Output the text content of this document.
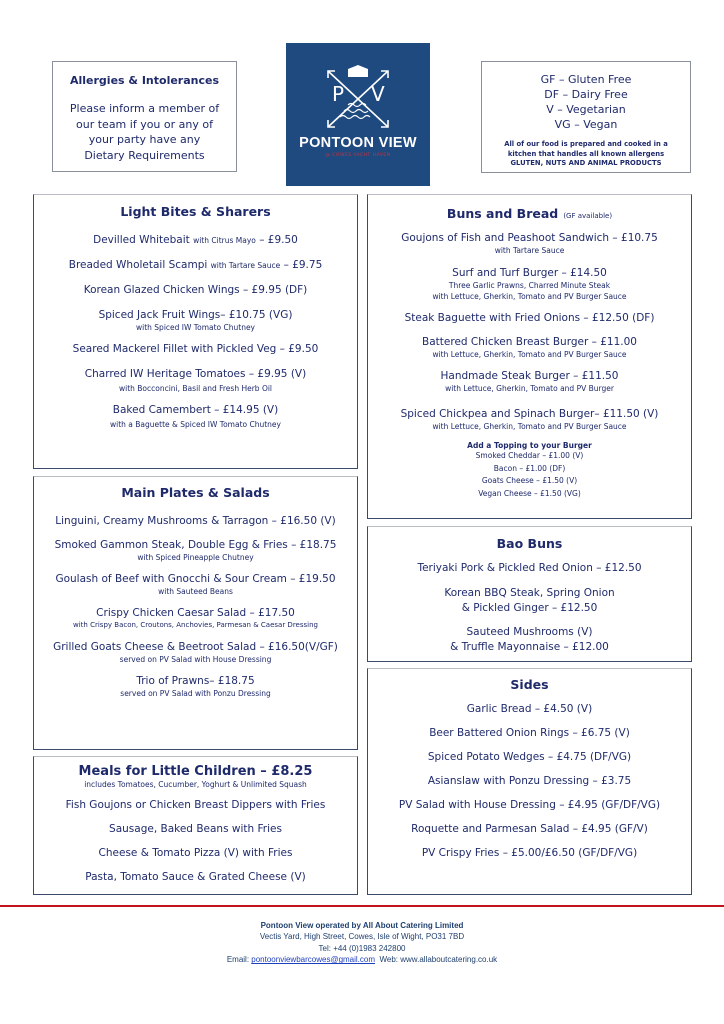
Allergies & Intolerances
Please inform a member of
our team if you or any of
your party have any
Dietary Requirements
P V
PONTOON VIEW
@ COWES YACHT HAVEN
GF – Gluten Free
DF – Dairy Free
V – Vegetarian
VG – Vegan
All of our food is prepared and cooked in a
kitchen that handles all known allergens
GLUTEN, NUTS AND ANIMAL PRODUCTS
Light Bites & Sharers
Devilled Whitebait with Citrus Mayo – £9.50
Breaded Wholetail Scampi with Tartare Sauce – £9.75
Korean Glazed Chicken Wings – £9.95 (DF)
Spiced Jack Fruit Wings– £10.75 (VG)
with Spiced IW Tomato Chutney
Seared Mackerel Fillet with Pickled Veg – £9.50
Charred IW Heritage Tomatoes – £9.95 (V)
with Bocconcini, Basil and Fresh Herb Oil
Baked Camembert – £14.95 (V)
with a Baguette & Spiced IW Tomato Chutney
Main Plates & Salads
Linguini, Creamy Mushrooms & Tarragon – £16.50 (V)
Smoked Gammon Steak, Double Egg & Fries – £18.75
with Spiced Pineapple Chutney
Goulash of Beef with Gnocchi & Sour Cream – £19.50
with Sauteed Beans
Crispy Chicken Caesar Salad – £17.50
with Crispy Bacon, Croutons, Anchovies, Parmesan & Caesar Dressing
Grilled Goats Cheese & Beetroot Salad – £16.50(V/GF)
served on PV Salad with House Dressing
Trio of Prawns– £18.75
served on PV Salad with Ponzu Dressing
Meals for Little Children – £8.25
includes Tomatoes, Cucumber, Yoghurt & Unlimited Squash
Fish Goujons or Chicken Breast Dippers with Fries
Sausage, Baked Beans with Fries
Cheese & Tomato Pizza (V) with Fries
Pasta, Tomato Sauce & Grated Cheese (V)
Buns and Bread (GF available)
Goujons of Fish and Peashoot Sandwich – £10.75
with Tartare Sauce
Surf and Turf Burger – £14.50
Three Garlic Prawns, Charred Minute Steak
with Lettuce, Gherkin, Tomato and PV Burger Sauce
Steak Baguette with Fried Onions – £12.50 (DF)
Battered Chicken Breast Burger – £11.00
with Lettuce, Gherkin, Tomato and PV Burger Sauce
Handmade Steak Burger – £11.50
with Lettuce, Gherkin, Tomato and PV Burger
Spiced Chickpea and Spinach Burger– £11.50 (V)
with Lettuce, Gherkin, Tomato and PV Burger Sauce
Add a Topping to your Burger
Smoked Cheddar – £1.00 (V)
Bacon – £1.00 (DF)
Goats Cheese – £1.50 (V)
Vegan Cheese – £1.50 (VG)
Bao Buns
Teriyaki Pork & Pickled Red Onion – £12.50
Korean BBQ Steak, Spring Onion
& Pickled Ginger – £12.50
Sauteed Mushrooms (V)
& Truffle Mayonnaise – £12.00
Sides
Garlic Bread – £4.50 (V)
Beer Battered Onion Rings – £6.75 (V)
Spiced Potato Wedges – £4.75 (DF/VG)
Asianslaw with Ponzu Dressing – £3.75
PV Salad with House Dressing – £4.95 (GF/DF/VG)
Roquette and Parmesan Salad – £4.95 (GF/V)
PV Crispy Fries – £5.00/£6.50 (GF/DF/VG)
Pontoon View operated by All About Catering Limited
Vectis Yard, High Street, Cowes, Isle of Wight, PO31 7BD
Tel: +44 (0)1983 242800
Email: pontoonviewbarcowes@gmail.com Web: www.allaboutcatering.co.uk
